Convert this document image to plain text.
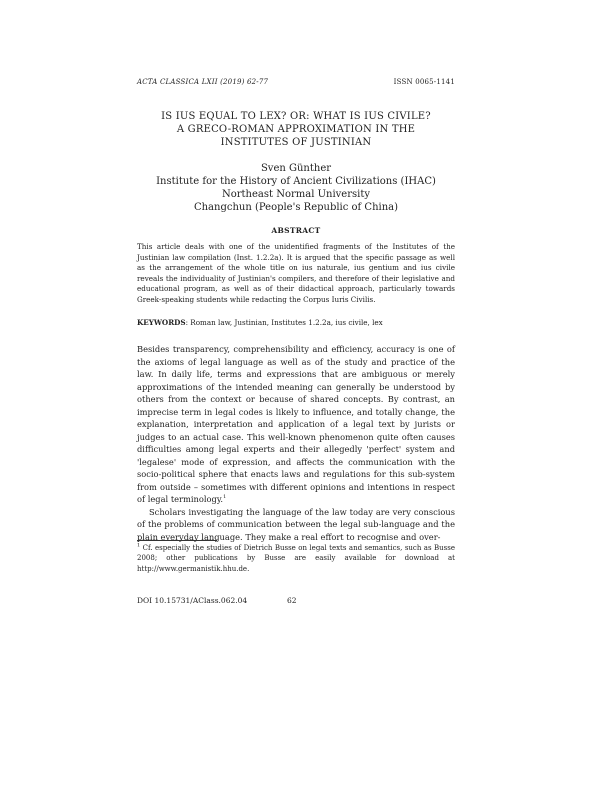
ACTA CLASSICA LXII (2019) 62-77	ISSN 0065-1141
IS IUS EQUAL TO LEX? OR: WHAT IS IUS CIVILE?
A GRECO-ROMAN APPROXIMATION IN THE
INSTITUTES OF JUSTINIAN
Sven Günther
Institute for the History of Ancient Civilizations (IHAC)
Northeast Normal University
Changchun (People's Republic of China)
ABSTRACT
This article deals with one of the unidentified fragments of the Institutes of the Justinian law compilation (Inst. 1.2.2a). It is argued that the specific passage as well as the arrangement of the whole title on ius naturale, ius gentium and ius civile reveals the individuality of Justinian's compilers, and therefore of their legislative and educational program, as well as of their didactical approach, particularly towards Greek-speaking students while redacting the Corpus Iuris Civilis.
KEYWORDS: Roman law, Justinian, Institutes 1.2.2a, ius civile, lex

Besides transparency, comprehensibility and efficiency, accuracy is one of the axioms of legal language as well as of the study and practice of the law. In daily life, terms and expressions that are ambiguous or merely approximations of the intended meaning can generally be understood by others from the context or because of shared concepts. By contrast, an imprecise term in legal codes is likely to influence, and totally change, the explanation, interpretation and application of a legal text by jurists or judges to an actual case. This well-known phenomenon quite often causes difficulties among legal experts and their allegedly 'perfect' system and 'legalese' mode of expression, and affects the communication with the socio-political sphere that enacts laws and regulations for this sub-system from outside – sometimes with different opinions and intentions in respect of legal terminology.$^1$

Scholars investigating the language of the law today are very conscious of the problems of communication between the legal sub-language and the plain everyday language. They make a real effort to recognise and over-

$^1$ Cf. especially the studies of Dietrich Busse on legal texts and semantics, such as Busse 2008; other publications by Busse are easily available for download at http://www.germanistik.hhu.de.
DOI 10.15731/AClass.062.04	62
